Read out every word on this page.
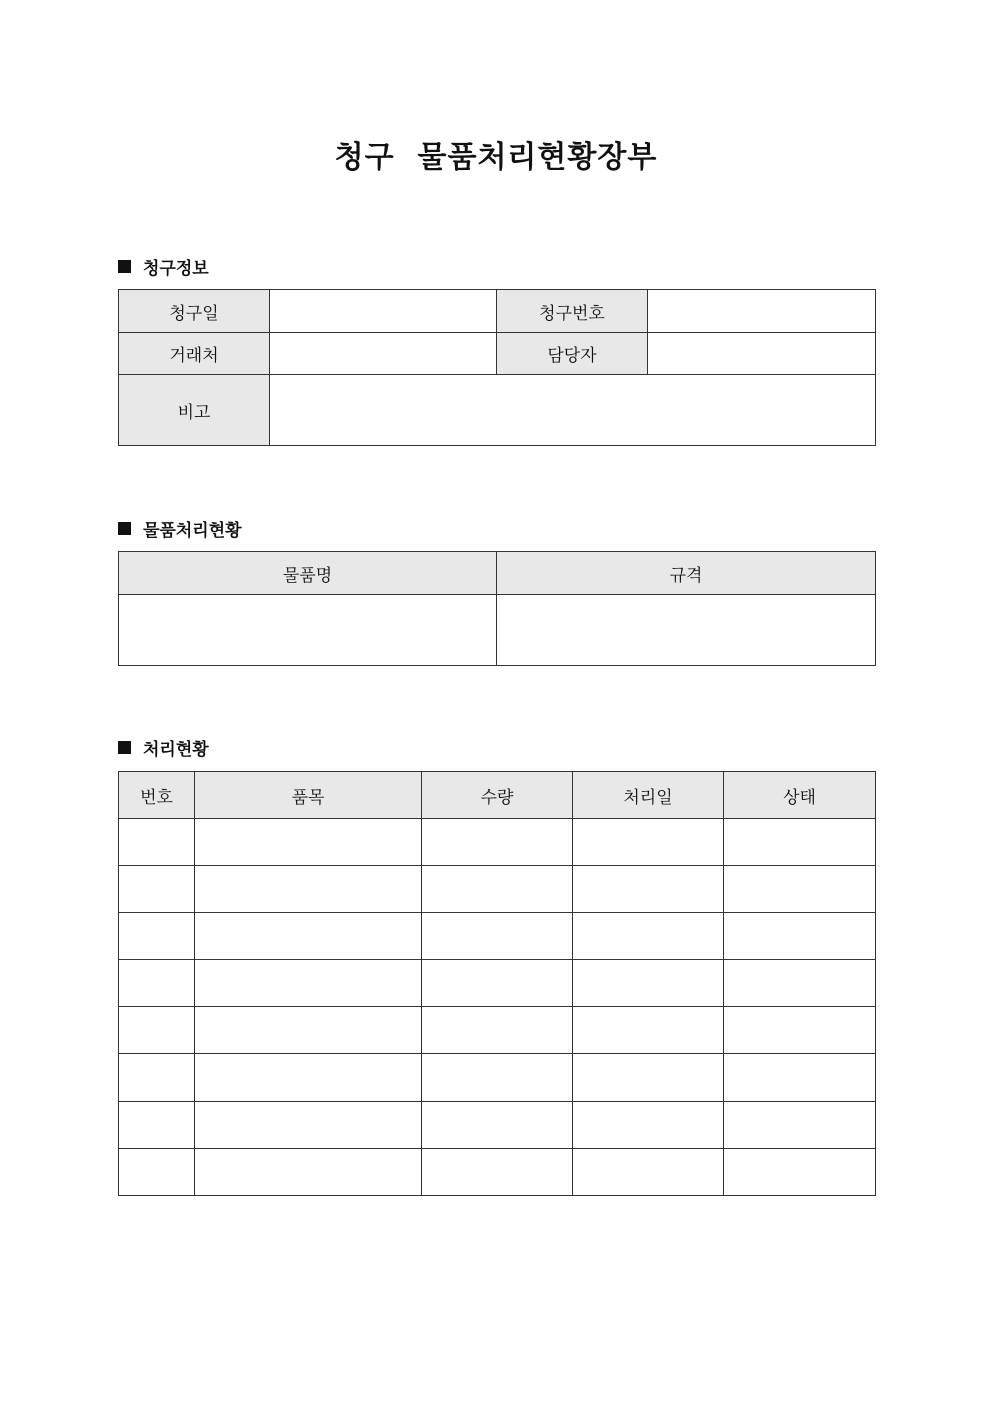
청구  물품처리현황장부
청구정보
청구일		청구번호	
거래처		담당자	
비고			
물품처리현황
물품명	규격

처리현황
번호	품목	수량	처리일	상태
